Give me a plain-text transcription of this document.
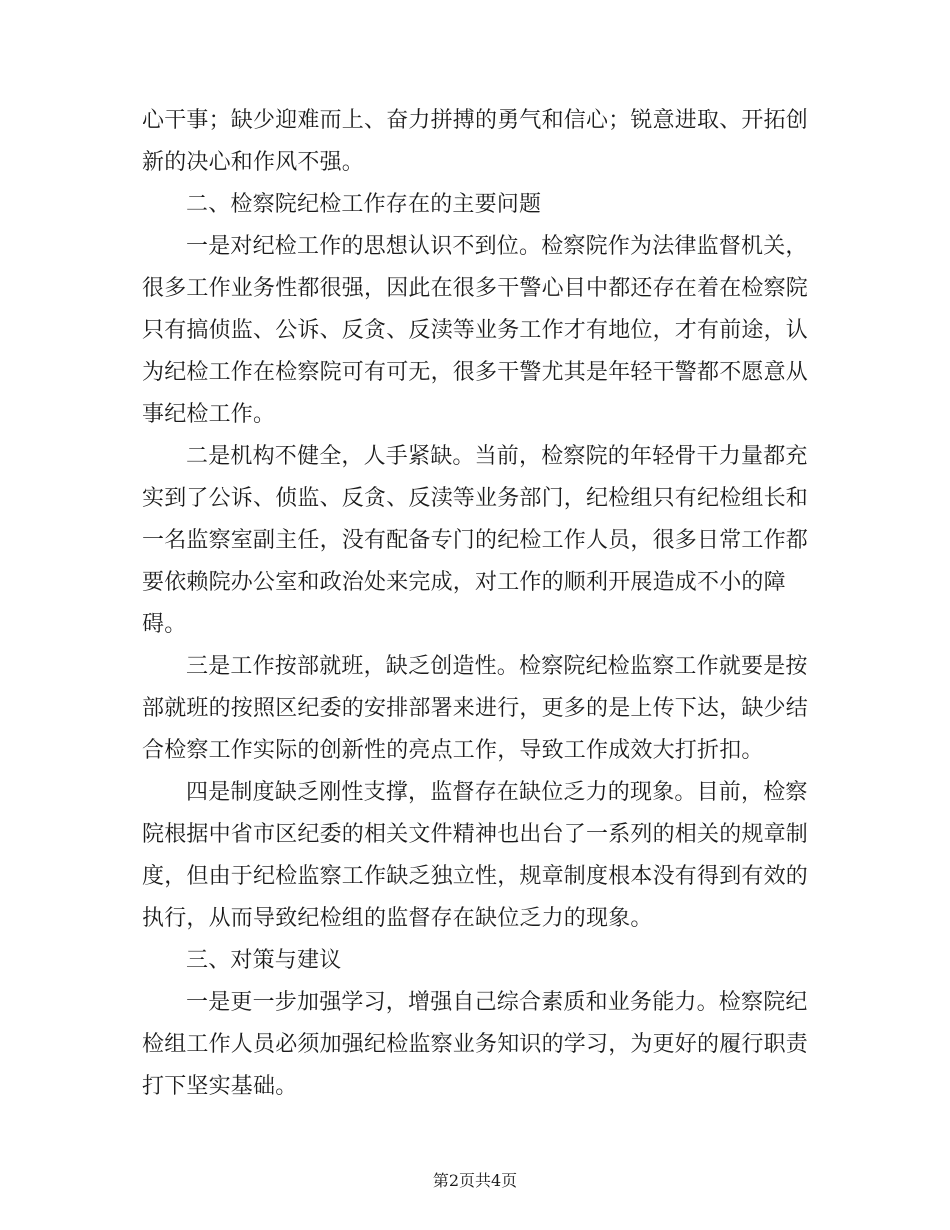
心干事；缺少迎难而上、奋力拼搏的勇气和信心；锐意进取、开拓创
新的决心和作风不强。
二、检察院纪检工作存在的主要问题
一是对纪检工作的思想认识不到位。检察院作为法律监督机关，
很多工作业务性都很强，因此在很多干警心目中都还存在着在检察院
只有搞侦监、公诉、反贪、反渎等业务工作才有地位，才有前途，认
为纪检工作在检察院可有可无，很多干警尤其是年轻干警都不愿意从
事纪检工作。
二是机构不健全，人手紧缺。当前，检察院的年轻骨干力量都充
实到了公诉、侦监、反贪、反渎等业务部门，纪检组只有纪检组长和
一名监察室副主任，没有配备专门的纪检工作人员，很多日常工作都
要依赖院办公室和政治处来完成，对工作的顺利开展造成不小的障
碍。
三是工作按部就班，缺乏创造性。检察院纪检监察工作就要是按
部就班的按照区纪委的安排部署来进行，更多的是上传下达，缺少结
合检察工作实际的创新性的亮点工作，导致工作成效大打折扣。
四是制度缺乏刚性支撑，监督存在缺位乏力的现象。目前，检察
院根据中省市区纪委的相关文件精神也出台了一系列的相关的规章制
度，但由于纪检监察工作缺乏独立性，规章制度根本没有得到有效的
执行，从而导致纪检组的监督存在缺位乏力的现象。
三、对策与建议
一是更一步加强学习，增强自己综合素质和业务能力。检察院纪
检组工作人员必须加强纪检监察业务知识的学习，为更好的履行职责
打下坚实基础。
第2页共4页
